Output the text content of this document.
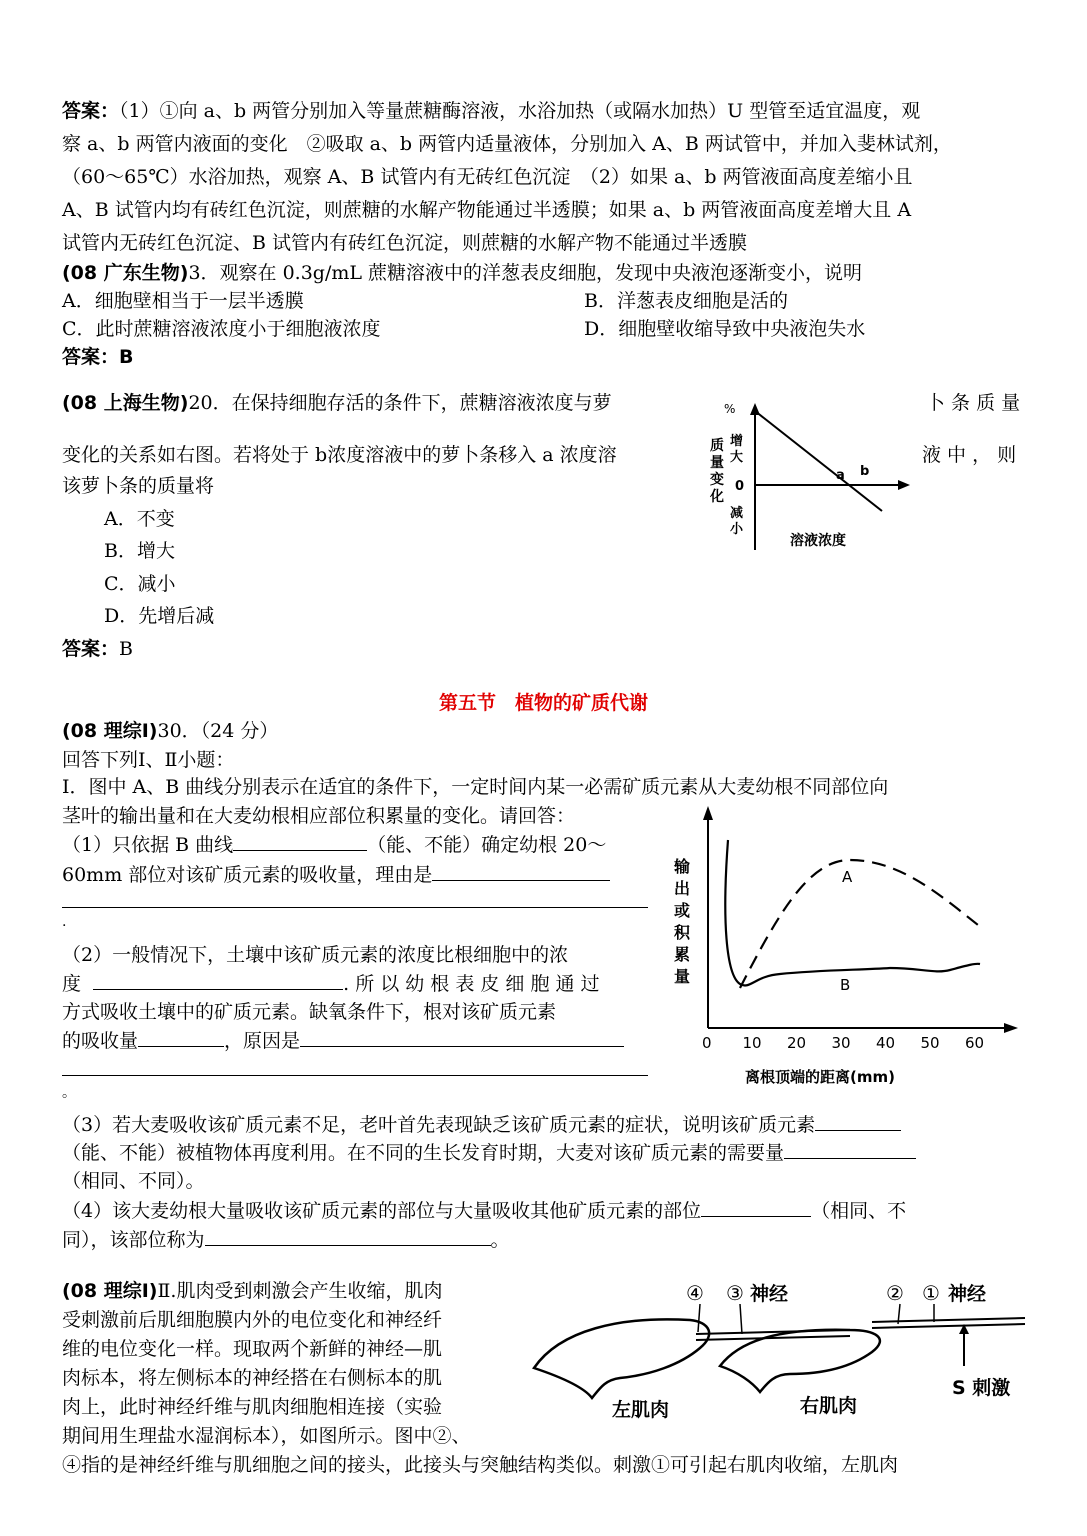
答案：（1）①向 a、b 两管分别加入等量蔗糖酶溶液，水浴加热（或隔水加热）U 型管至适宜温度，观
察 a、b 两管内液面的变化　②吸取 a、b 两管内适量液体，分别加入 A、B 两试管中，并加入斐林试剂，
（60～65℃）水浴加热，观察 A、B 试管内有无砖红色沉淀　（2）如果 a、b 两管液面高度差缩小且
A、B 试管内均有砖红色沉淀，则蔗糖的水解产物能通过半透膜；如果 a、b 两管液面高度差增大且 A
试管内无砖红色沉淀、B 试管内有砖红色沉淀，则蔗糖的水解产物不能通过半透膜
(08 广东生物)3．观察在 0.3g/mL 蔗糖溶液中的洋葱表皮细胞，发现中央液泡逐渐变小，说明
A．细胞壁相当于一层半透膜	B．洋葱表皮细胞是活的
C．此时蔗糖溶液浓度小于细胞液浓度	D．细胞壁收缩导致中央液泡失水
答案：B
(08 上海生物)20．在保持细胞存活的条件下，蔗糖溶液浓度与萝	卜 条 质 量
变化的关系如右图。若将处于 b浓度溶液中的萝卜条移入 a 浓度溶	液 中 ， 则
该萝卜条的质量将
A．不变
B．增大
C．减小
D．先增后减
答案：B
%
质
量
变
化
增
大
0
减
小
a b
溶液浓度
第五节　植物的矿质代谢
(08 理综Ⅰ)30．（24 分）
回答下列Ⅰ、Ⅱ小题：
Ⅰ．图中 A、B 曲线分别表示在适宜的条件下，一定时间内某一必需矿质元素从大麦幼根不同部位向
茎叶的输出量和在大麦幼根相应部位积累量的变化。请回答：
（1）只依据 B 曲线	（能、不能）确定幼根 20～
60mm 部位对该矿质元素的吸收量，理由是
.
（2）一般情况下，土壤中该矿质元素的浓度比根细胞中的浓
度	. 所 以 幼 根 表 皮 细 胞 通 过
方式吸收土壤中的矿质元素。缺氧条件下，根对该矿质元素
的吸收量	，原因是
。
（3）若大麦吸收该矿质元素不足，老叶首先表现缺乏该矿质元素的症状，说明该矿质元素
（能、不能）被植物体再度利用。在不同的生长发育时期，大麦对该矿质元素的需要量
（相同、不同）。
（4）该大麦幼根大量吸收该矿质元素的部位与大量吸收其他矿质元素的部位	（相同、不
同），该部位称为	。
A
B
输
出
或
积
累
量
0 10 20 30 40 50 60
离根顶端的距离(mm)
(08 理综Ⅰ)Ⅱ.肌肉受到刺激会产生收缩，肌肉
受刺激前后肌细胞膜内外的电位变化和神经纤
维的电位变化一样。现取两个新鲜的神经—肌
肉标本，将左侧标本的神经搭在右侧标本的肌
肉上，此时神经纤维与肌肉细胞相连接（实验
期间用生理盐水湿润标本），如图所示。图中②、
④指的是神经纤维与肌细胞之间的接头，此接头与突触结构类似。刺激①可引起右肌肉收缩，左肌肉
④ ③ 神经	② ① 神经
左肌肉	右肌肉
S 刺激
